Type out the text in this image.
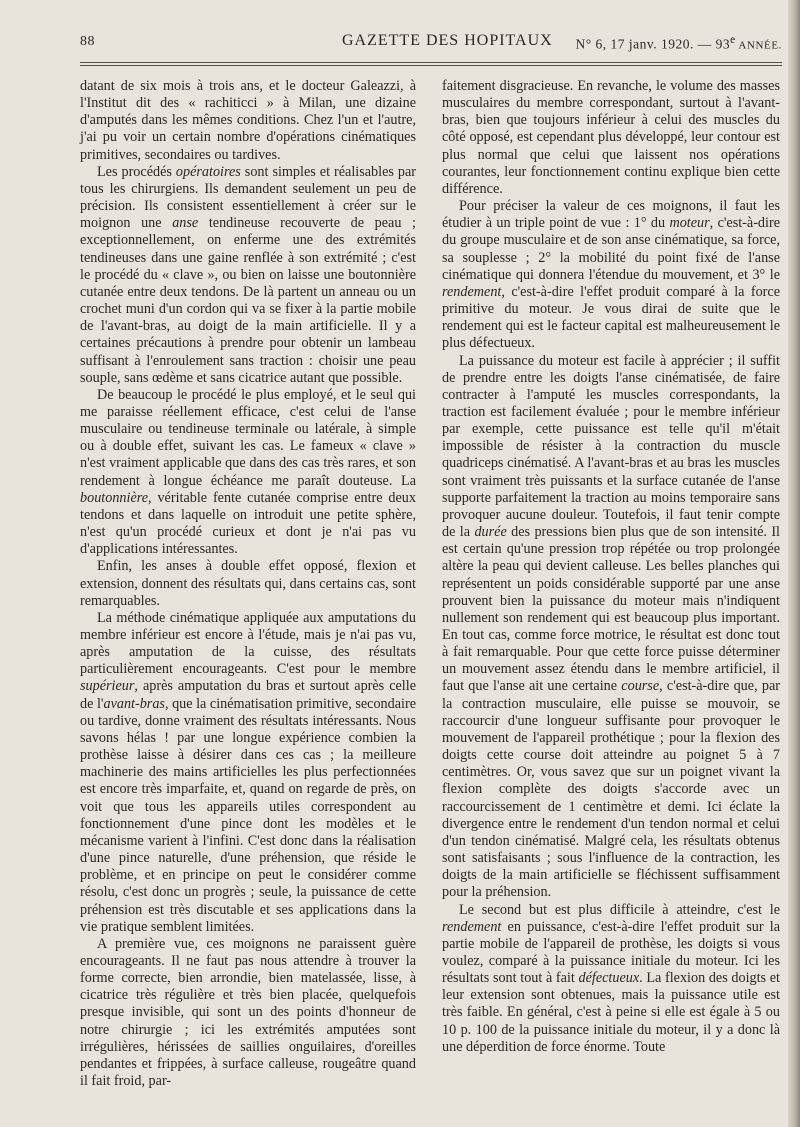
88	GAZETTE DES HOPITAUX N° 6, 17 janv. 1920. — 93e ANNÉE.

datant de six mois à trois ans, et le docteur Galeazzi, à l'Institut dit des « rachiticci » à Milan, une dizaine d'amputés dans les mêmes conditions. Chez l'un et l'autre, j'ai pu voir un certain nombre d'opérations cinématiques primitives, secondaires ou tardives.

Les procédés opératoires sont simples et réalisables par tous les chirurgiens. Ils demandent seulement un peu de précision. Ils consistent essentiellement à créer sur le moignon une anse tendineuse recouverte de peau ; exceptionnellement, on enferme une des extrémités tendineuses dans une gaine renflée à son extrémité ; c'est le procédé du « clave », ou bien on laisse une boutonnière cutanée entre deux tendons. De là partent un anneau ou un crochet muni d'un cordon qui va se fixer à la partie mobile de l'avant-bras, au doigt de la main artificielle. Il y a certaines précautions à prendre pour obtenir un lambeau suffisant à l'enroulement sans traction : choisir une peau souple, sans œdème et sans cicatrice autant que possible.

De beaucoup le procédé le plus employé, et le seul qui me paraisse réellement efficace, c'est celui de l'anse musculaire ou tendineuse terminale ou latérale, à simple ou à double effet, suivant les cas. Le fameux « clave » n'est vraiment applicable que dans des cas très rares, et son rendement à longue échéance me paraît douteuse. La boutonnière, véritable fente cutanée comprise entre deux tendons et dans laquelle on introduit une petite sphère, n'est qu'un procédé curieux et dont je n'ai pas vu d'applications intéressantes.

Enfin, les anses à double effet opposé, flexion et extension, donnent des résultats qui, dans certains cas, sont remarquables.

La méthode cinématique appliquée aux amputations du membre inférieur est encore à l'étude, mais je n'ai pas vu, après amputation de la cuisse, des résultats particulièrement encourageants. C'est pour le membre supérieur, après amputation du bras et surtout après celle de l'avant-bras, que la cinématisation primitive, secondaire ou tardive, donne vraiment des résultats intéressants. Nous savons hélas ! par une longue expérience combien la prothèse laisse à désirer dans ces cas ; la meilleure machinerie des mains artificielles les plus perfectionnées est encore très imparfaite, et, quand on regarde de près, on voit que tous les appareils utiles correspondent au fonctionnement d'une pince dont les modèles et le mécanisme varient à l'infini. C'est donc dans la réalisation d'une pince naturelle, d'une préhension, que réside le problème, et en principe on peut le considérer comme résolu, c'est donc un progrès ; seule, la puissance de cette préhension est très discutable et ses applications dans la vie pratique semblent limitées.

A première vue, ces moignons ne paraissent guère encourageants. Il ne faut pas nous attendre à trouver la forme correcte, bien arrondie, bien matelassée, lisse, à cicatrice très régulière et très bien placée, quelquefois presque invisible, qui sont un des points d'honneur de notre chirurgie ; ici les extrémités amputées sont irrégulières, hérissées de saillies onguilaires, d'oreilles pendantes et frippées, à surface calleuse, rougeâtre quand il fait froid, par-

faitement disgracieuse. En revanche, le volume des masses musculaires du membre correspondant, surtout à l'avant-bras, bien que toujours inférieur à celui des muscles du côté opposé, est cependant plus développé, leur contour est plus normal que celui que laissent nos opérations courantes, leur fonctionnement continu explique bien cette différence.

Pour préciser la valeur de ces moignons, il faut les étudier à un triple point de vue : 1° du moteur, c'est-à-dire du groupe musculaire et de son anse cinématique, sa force, sa souplesse ; 2° la mobilité du point fixé de l'anse cinématique qui donnera l'étendue du mouvement, et 3° le rendement, c'est-à-dire l'effet produit comparé à la force primitive du moteur. Je vous dirai de suite que le rendement qui est le facteur capital est malheureusement le plus défectueux.

La puissance du moteur est facile à apprécier ; il suffit de prendre entre les doigts l'anse cinématisée, de faire contracter à l'amputé les muscles correspondants, la traction est facilement évaluée ; pour le membre inférieur par exemple, cette puissance est telle qu'il m'était impossible de résister à la contraction du muscle quadriceps cinématisé. A l'avant-bras et au bras les muscles sont vraiment très puissants et la surface cutanée de l'anse supporte parfaitement la traction au moins temporaire sans provoquer aucune douleur. Toutefois, il faut tenir compte de la durée des pressions bien plus que de son intensité. Il est certain qu'une pression trop répétée ou trop prolongée altère la peau qui devient calleuse. Les belles planches qui représentent un poids considérable supporté par une anse prouvent bien la puissance du moteur mais n'indiquent nullement son rendement qui est beaucoup plus important. En tout cas, comme force motrice, le résultat est donc tout à fait remarquable. Pour que cette force puisse déterminer un mouvement assez étendu dans le membre artificiel, il faut que l'anse ait une certaine course, c'est-à-dire que, par la contraction musculaire, elle puisse se mouvoir, se raccourcir d'une longueur suffisante pour provoquer le mouvement de l'appareil prothétique ; pour la flexion des doigts cette course doit atteindre au poignet 5 à 7 centimètres. Or, vous savez que sur un poignet vivant la flexion complète des doigts s'accorde avec un raccourcissement de 1 centimètre et demi. Ici éclate la divergence entre le rendement d'un tendon normal et celui d'un tendon cinématisé. Malgré cela, les résultats obtenus sont satisfaisants ; sous l'influence de la contraction, les doigts de la main artificielle se fléchissent suffisamment pour la préhension.

Le second but est plus difficile à atteindre, c'est le rendement en puissance, c'est-à-dire l'effet produit sur la partie mobile de l'appareil de prothèse, les doigts si vous voulez, comparé à la puissance initiale du moteur. Ici les résultats sont tout à fait défectueux. La flexion des doigts et leur extension sont obtenues, mais la puissance utile est très faible. En général, c'est à peine si elle est égale à 5 ou 10 p. 100 de la puissance initiale du moteur, il y a donc là une déperdition de force énorme. Toute
